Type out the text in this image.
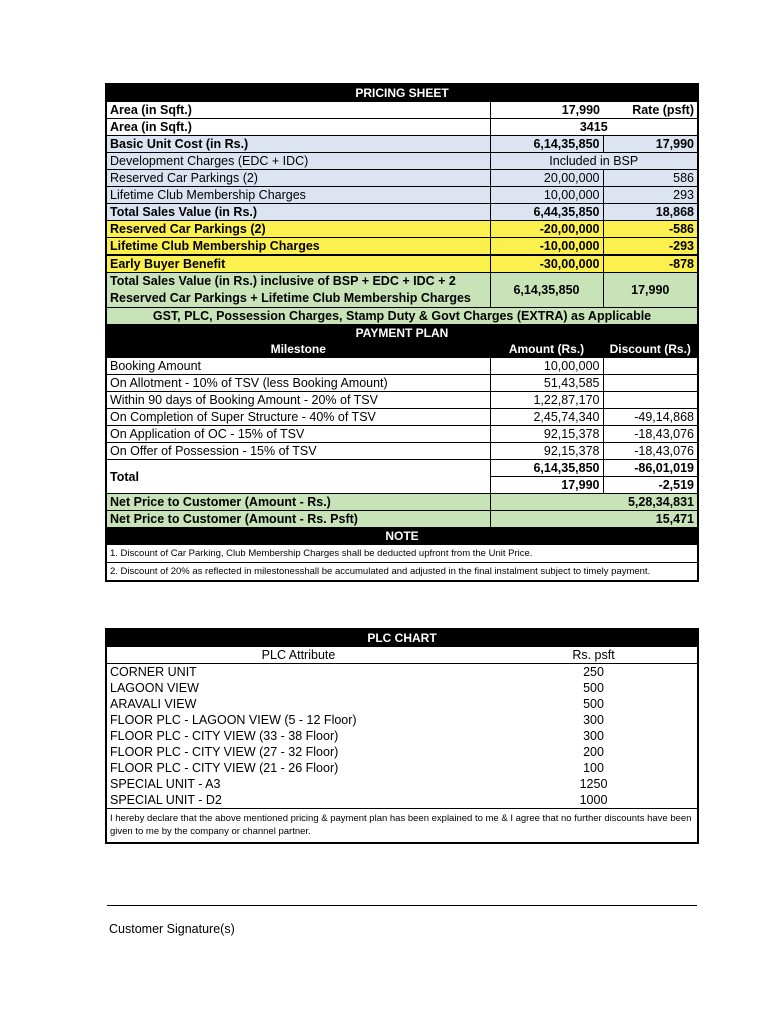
PRICING SHEET		
Area (in Sqft.)	17,990	Rate (psft)
Area (in Sqft.)	3415	
Basic Unit Cost (in Rs.)	6,14,35,850	17,990
Development Charges (EDC + IDC)	Included in BSP	
Reserved Car Parkings (2)	20,00,000	586
Lifetime Club Membership Charges	10,00,000	293
Total Sales Value (in Rs.)	6,44,35,850	18,868
Reserved Car Parkings (2)	-20,00,000	-586
Lifetime Club Membership Charges	-10,00,000	-293
Early Buyer Benefit	-30,00,000	-878
Total Sales Value (in Rs.) inclusive of BSP + EDC + IDC + 2 Reserved Car Parkings + Lifetime Club Membership Charges	6,14,35,850	17,990
GST, PLC, Possession Charges, Stamp Duty & Govt Charges (EXTRA) as Applicable		
PAYMENT PLAN		
Milestone	Amount (Rs.)	Discount (Rs.)
Booking Amount	10,00,000	
On Allotment - 10% of TSV (less Booking Amount)	51,43,585	
Within 90 days of Booking Amount - 20% of TSV	1,22,87,170	
On Completion of Super Structure - 40% of TSV	2,45,74,340	-49,14,868
On Application of OC - 15% of TSV	92,15,378	-18,43,076
On Offer of Possession - 15% of TSV	92,15,378	-18,43,076
Total	6,14,35,850	-86,01,019
	17,990	-2,519
Net Price to Customer (Amount - Rs.)	5,28,34,831	
Net Price to Customer (Amount - Rs. Psft)	15,471	
NOTE		
1. Discount of Car Parking, Club Membership Charges shall be deducted upfront from the Unit Price.		
2. Discount of 20% as reflected in milestonesshall be accumulated and adjusted in the final instalment subject to timely payment.		
PLC CHART	
PLC Attribute	Rs. psft
CORNER UNIT	250
LAGOON VIEW	500
ARAVALI VIEW	500
FLOOR PLC - LAGOON VIEW (5 - 12 Floor)	300
FLOOR PLC - CITY VIEW (33 - 38 Floor)	300
FLOOR PLC - CITY VIEW (27 - 32 Floor)	200
FLOOR PLC - CITY VIEW (21 - 26 Floor)	100
SPECIAL UNIT - A3	1250
SPECIAL UNIT - D2	1000
I hereby declare that the above mentioned pricing & payment plan has been explained to me & I agree that no further discounts have been given to me by the company or channel partner.	
Customer Signature(s)
